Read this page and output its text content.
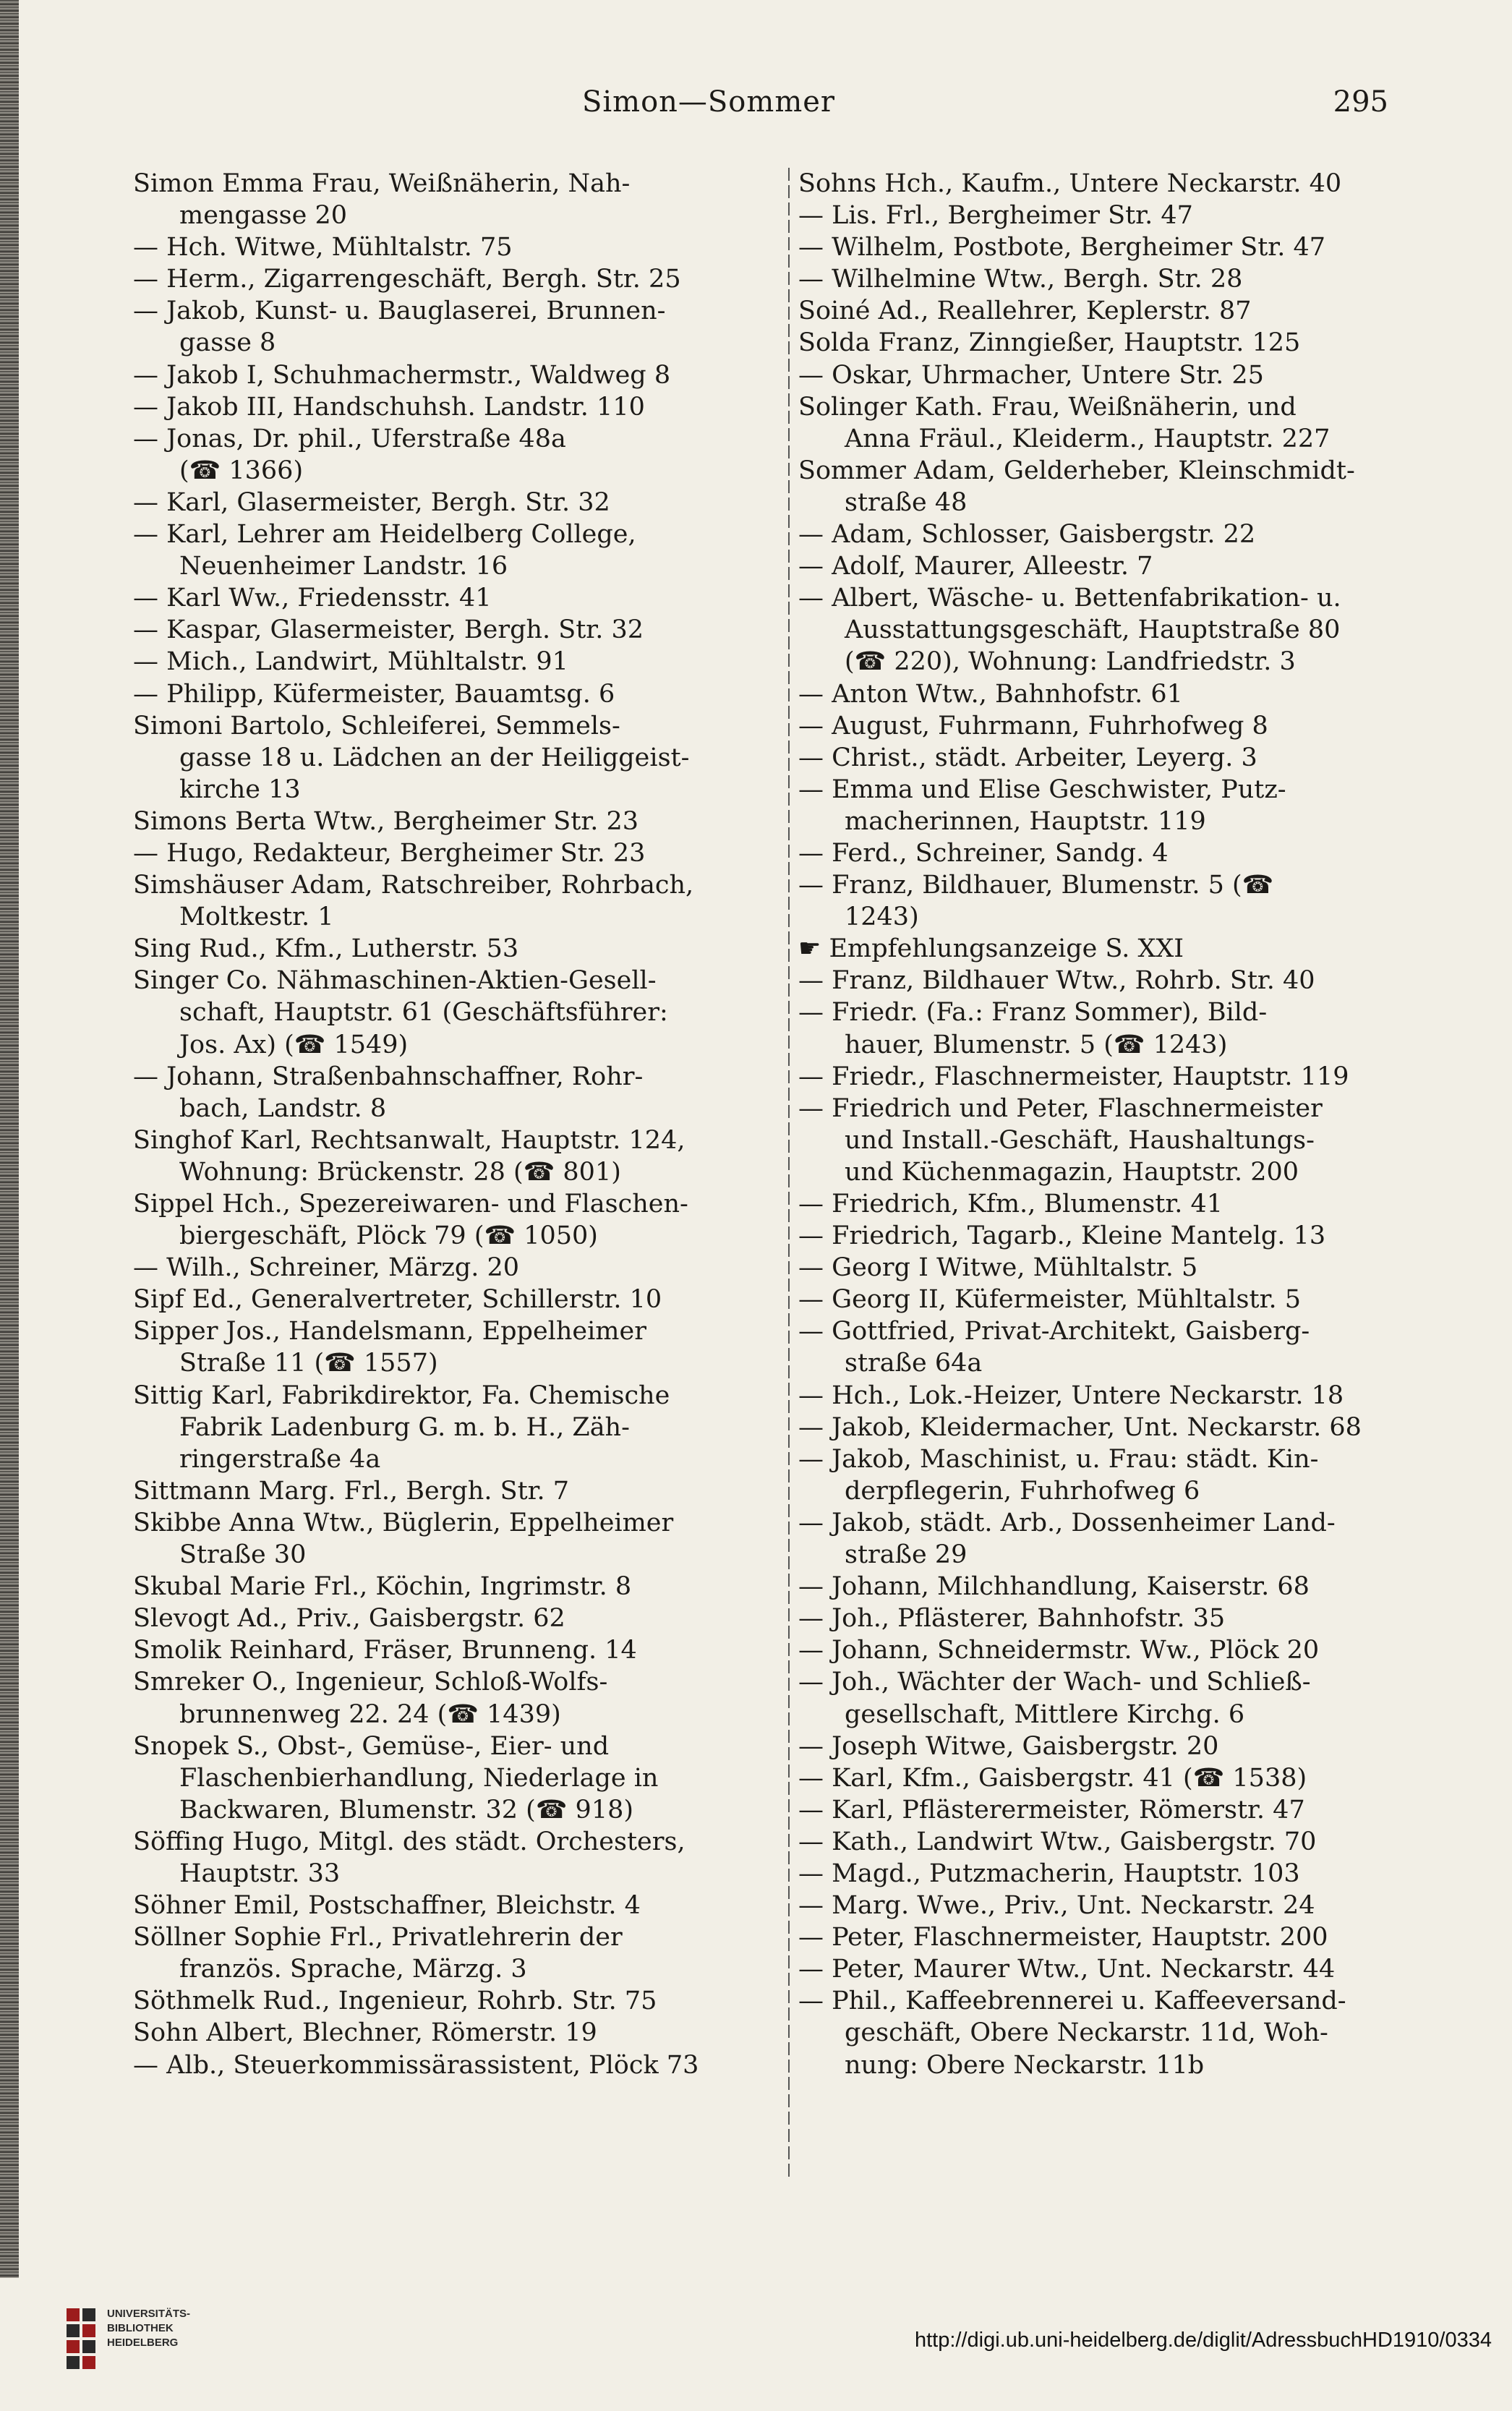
Simon—Sommer	295

Simon Emma Frau, Weißnäherin, Nah-
mengasse 20

— Hch. Witwe, Mühltalstr. 75

— Herm., Zigarrengeschäft, Bergh. Str. 25

— Jakob, Kunst- u. Bauglaserei, Brunnen-
gasse 8

— Jakob I, Schuhmachermstr., Waldweg 8

— Jakob III, Handschuhsh. Landstr. 110

— Jonas, Dr. phil., Uferstraße 48a
(☎ 1366)

— Karl, Glasermeister, Bergh. Str. 32

— Karl, Lehrer am Heidelberg College,
Neuenheimer Landstr. 16

— Karl Ww., Friedensstr. 41

— Kaspar, Glasermeister, Bergh. Str. 32

— Mich., Landwirt, Mühltalstr. 91

— Philipp, Küfermeister, Bauamtsg. 6

Simoni Bartolo, Schleiferei, Semmels-
gasse 18 u. Lädchen an der Heiliggeist-
kirche 13

Simons Berta Wtw., Bergheimer Str. 23

— Hugo, Redakteur, Bergheimer Str. 23

Simshäuser Adam, Ratschreiber, Rohrbach,
Moltkestr. 1

Sing Rud., Kfm., Lutherstr. 53

Singer Co. Nähmaschinen-Aktien-Gesell-
schaft, Hauptstr. 61 (Geschäftsführer:
Jos. Ax) (☎ 1549)

— Johann, Straßenbahnschaffner, Rohr-
bach, Landstr. 8

Singhof Karl, Rechtsanwalt, Hauptstr. 124,
Wohnung: Brückenstr. 28 (☎ 801)

Sippel Hch., Spezereiwaren- und Flaschen-
biergeschäft, Plöck 79 (☎ 1050)

— Wilh., Schreiner, Märzg. 20

Sipf Ed., Generalvertreter, Schillerstr. 10

Sipper Jos., Handelsmann, Eppelheimer
Straße 11 (☎ 1557)

Sittig Karl, Fabrikdirektor, Fa. Chemische
Fabrik Ladenburg G. m. b. H., Zäh-
ringerstraße 4a

Sittmann Marg. Frl., Bergh. Str. 7

Skibbe Anna Wtw., Büglerin, Eppelheimer
Straße 30

Skubal Marie Frl., Köchin, Ingrimstr. 8

Slevogt Ad., Priv., Gaisbergstr. 62

Smolik Reinhard, Fräser, Brunneng. 14

Smreker O., Ingenieur, Schloß-Wolfs-
brunnenweg 22. 24 (☎ 1439)

Snopek S., Obst-, Gemüse-, Eier- und
Flaschenbierhandlung, Niederlage in
Backwaren, Blumenstr. 32 (☎ 918)

Söffing Hugo, Mitgl. des städt. Orchesters,
Hauptstr. 33

Söhner Emil, Postschaffner, Bleichstr. 4

Söllner Sophie Frl., Privatlehrerin der
französ. Sprache, Märzg. 3

Söthmelk Rud., Ingenieur, Rohrb. Str. 75

Sohn Albert, Blechner, Römerstr. 19

— Alb., Steuerkommissärassistent, Plöck 73

Sohns Hch., Kaufm., Untere Neckarstr. 40

— Lis. Frl., Bergheimer Str. 47

— Wilhelm, Postbote, Bergheimer Str. 47

— Wilhelmine Wtw., Bergh. Str. 28

Soiné Ad., Reallehrer, Keplerstr. 87

Solda Franz, Zinngießer, Hauptstr. 125

— Oskar, Uhrmacher, Untere Str. 25

Solinger Kath. Frau, Weißnäherin, und
Anna Fräul., Kleiderm., Hauptstr. 227

Sommer Adam, Gelderheber, Kleinschmidt-
straße 48

— Adam, Schlosser, Gaisbergstr. 22

— Adolf, Maurer, Alleestr. 7

— Albert, Wäsche- u. Bettenfabrikation- u.
Ausstattungsgeschäft, Hauptstraße 80
(☎ 220), Wohnung: Landfriedstr. 3

— Anton Wtw., Bahnhofstr. 61

— August, Fuhrmann, Fuhrhofweg 8

— Christ., städt. Arbeiter, Leyerg. 3

— Emma und Elise Geschwister, Putz-
macherinnen, Hauptstr. 119

— Ferd., Schreiner, Sandg. 4

— Franz, Bildhauer, Blumenstr. 5 (☎
1243)

☛ Empfehlungsanzeige S. XXI

— Franz, Bildhauer Wtw., Rohrb. Str. 40

— Friedr. (Fa.: Franz Sommer), Bild-
hauer, Blumenstr. 5 (☎ 1243)

— Friedr., Flaschnermeister, Hauptstr. 119

— Friedrich und Peter, Flaschnermeister
und Install.-Geschäft, Haushaltungs-
und Küchenmagazin, Hauptstr. 200

— Friedrich, Kfm., Blumenstr. 41

— Friedrich, Tagarb., Kleine Mantelg. 13

— Georg I Witwe, Mühltalstr. 5

— Georg II, Küfermeister, Mühltalstr. 5

— Gottfried, Privat-Architekt, Gaisberg-
straße 64a

— Hch., Lok.-Heizer, Untere Neckarstr. 18

— Jakob, Kleidermacher, Unt. Neckarstr. 68

— Jakob, Maschinist, u. Frau: städt. Kin-
derpflegerin, Fuhrhofweg 6

— Jakob, städt. Arb., Dossenheimer Land-
straße 29

— Johann, Milchhandlung, Kaiserstr. 68

— Joh., Pflästerer, Bahnhofstr. 35

— Johann, Schneidermstr. Ww., Plöck 20

— Joh., Wächter der Wach- und Schließ-
gesellschaft, Mittlere Kirchg. 6

— Joseph Witwe, Gaisbergstr. 20

— Karl, Kfm., Gaisbergstr. 41 (☎ 1538)

— Karl, Pflästerermeister, Römerstr. 47

— Kath., Landwirt Wtw., Gaisbergstr. 70

— Magd., Putzmacherin, Hauptstr. 103

— Marg. Wwe., Priv., Unt. Neckarstr. 24

— Peter, Flaschnermeister, Hauptstr. 200

— Peter, Maurer Wtw., Unt. Neckarstr. 44

— Phil., Kaffeebrennerei u. Kaffeeversand-
geschäft, Obere Neckarstr. 11d, Woh-
nung: Obere Neckarstr. 11b

UNIVERSITÄTS-
BIBLIOTHEK
HEIDELBERG	http://digi.ub.uni-heidelberg.de/diglit/AdressbuchHD1910/0334
